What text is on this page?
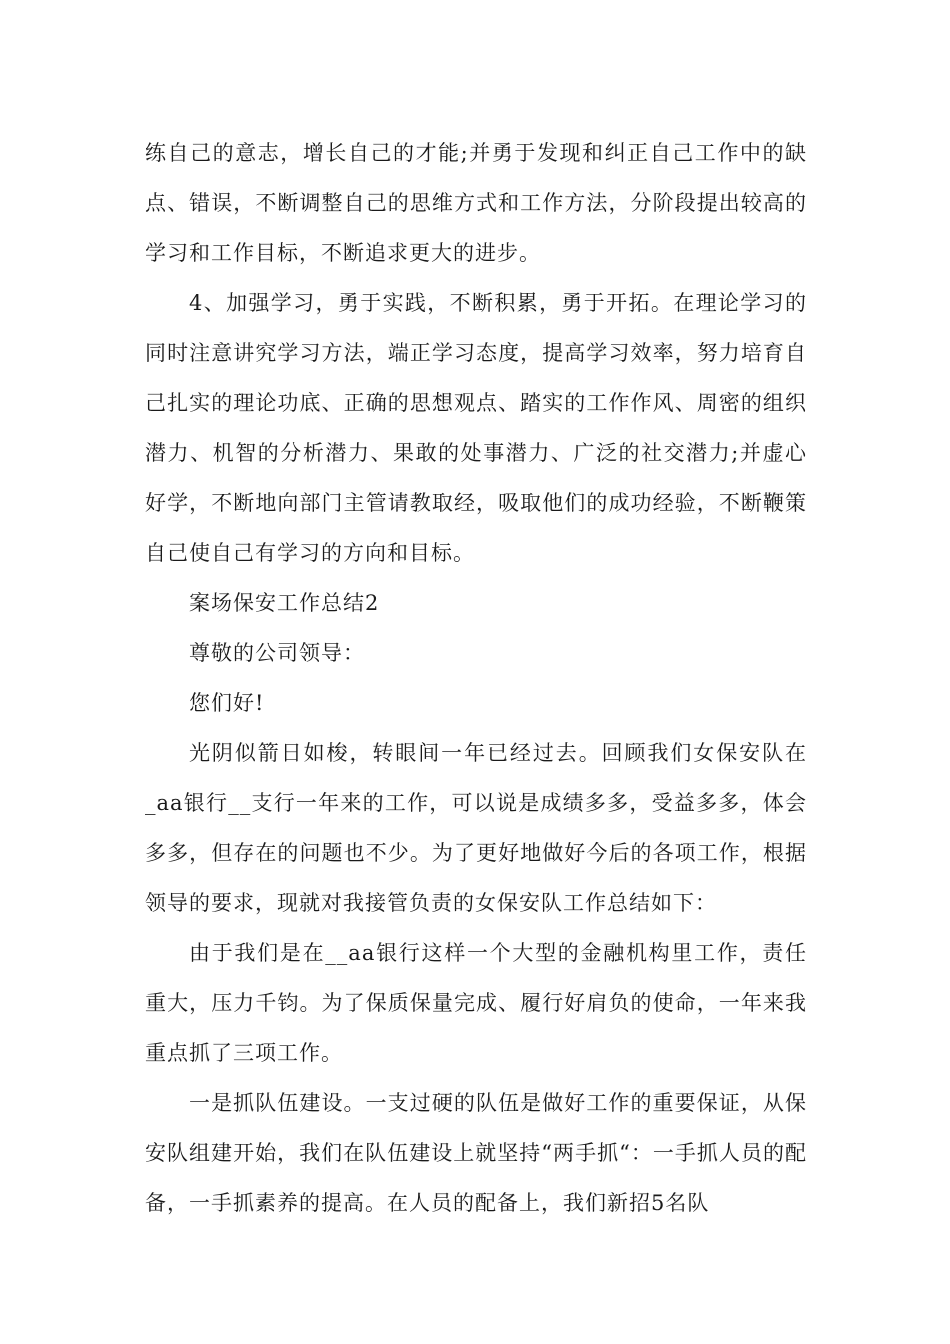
练自己的意志，增长自己的才能;并勇于发现和纠正自己工作中的缺点、错误，不断调整自己的思维方式和工作方法，分阶段提出较高的学习和工作目标，不断追求更大的进步。

4、加强学习，勇于实践，不断积累，勇于开拓。在理论学习的同时注意讲究学习方法，端正学习态度，提高学习效率，努力培育自己扎实的理论功底、正确的思想观点、踏实的工作作风、周密的组织潜力、机智的分析潜力、果敢的处事潜力、广泛的社交潜力;并虚心好学，不断地向部门主管请教取经，吸取他们的成功经验，不断鞭策自己使自己有学习的方向和目标。

案场保安工作总结2

尊敬的公司领导：

您们好!

光阴似箭日如梭，转眼间一年已经过去。回顾我们女保安队在_aa银行__支行一年来的工作，可以说是成绩多多，受益多多，体会多多，但存在的问题也不少。为了更好地做好今后的各项工作，根据领导的要求，现就对我接管负责的女保安队工作总结如下：

由于我们是在__aa银行这样一个大型的金融机构里工作，责任重大，压力千钧。为了保质保量完成、履行好肩负的使命，一年来我重点抓了三项工作。

一是抓队伍建设。一支过硬的队伍是做好工作的重要保证，从保安队组建开始，我们在队伍建设上就坚持“两手抓“：一手抓人员的配备，一手抓素养的提高。在人员的配备上，我们新招5名队
